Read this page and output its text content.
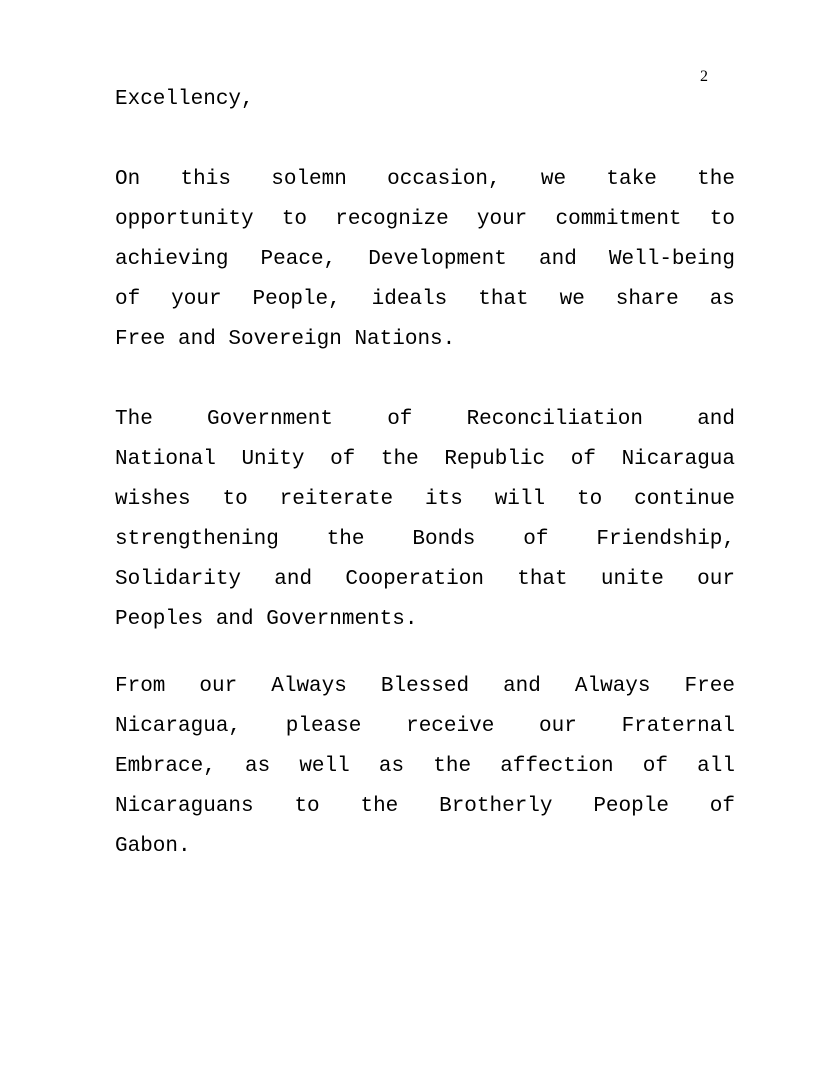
2
Excellency,
On this solemn occasion, we take the
opportunity to recognize your commitment to
achieving Peace, Development and Well-being
of your People, ideals that we share as
Free and Sovereign Nations.
The	Government	of	Reconciliation	and
National Unity of the Republic of Nicaragua
wishes to reiterate its will to continue
strengthening the Bonds of Friendship,
Solidarity and Cooperation that unite our
Peoples and Governments.
From our Always Blessed and Always Free
Nicaragua, please receive our Fraternal
Embrace, as well as the affection of all
Nicaraguans to the Brotherly People of
Gabon.
